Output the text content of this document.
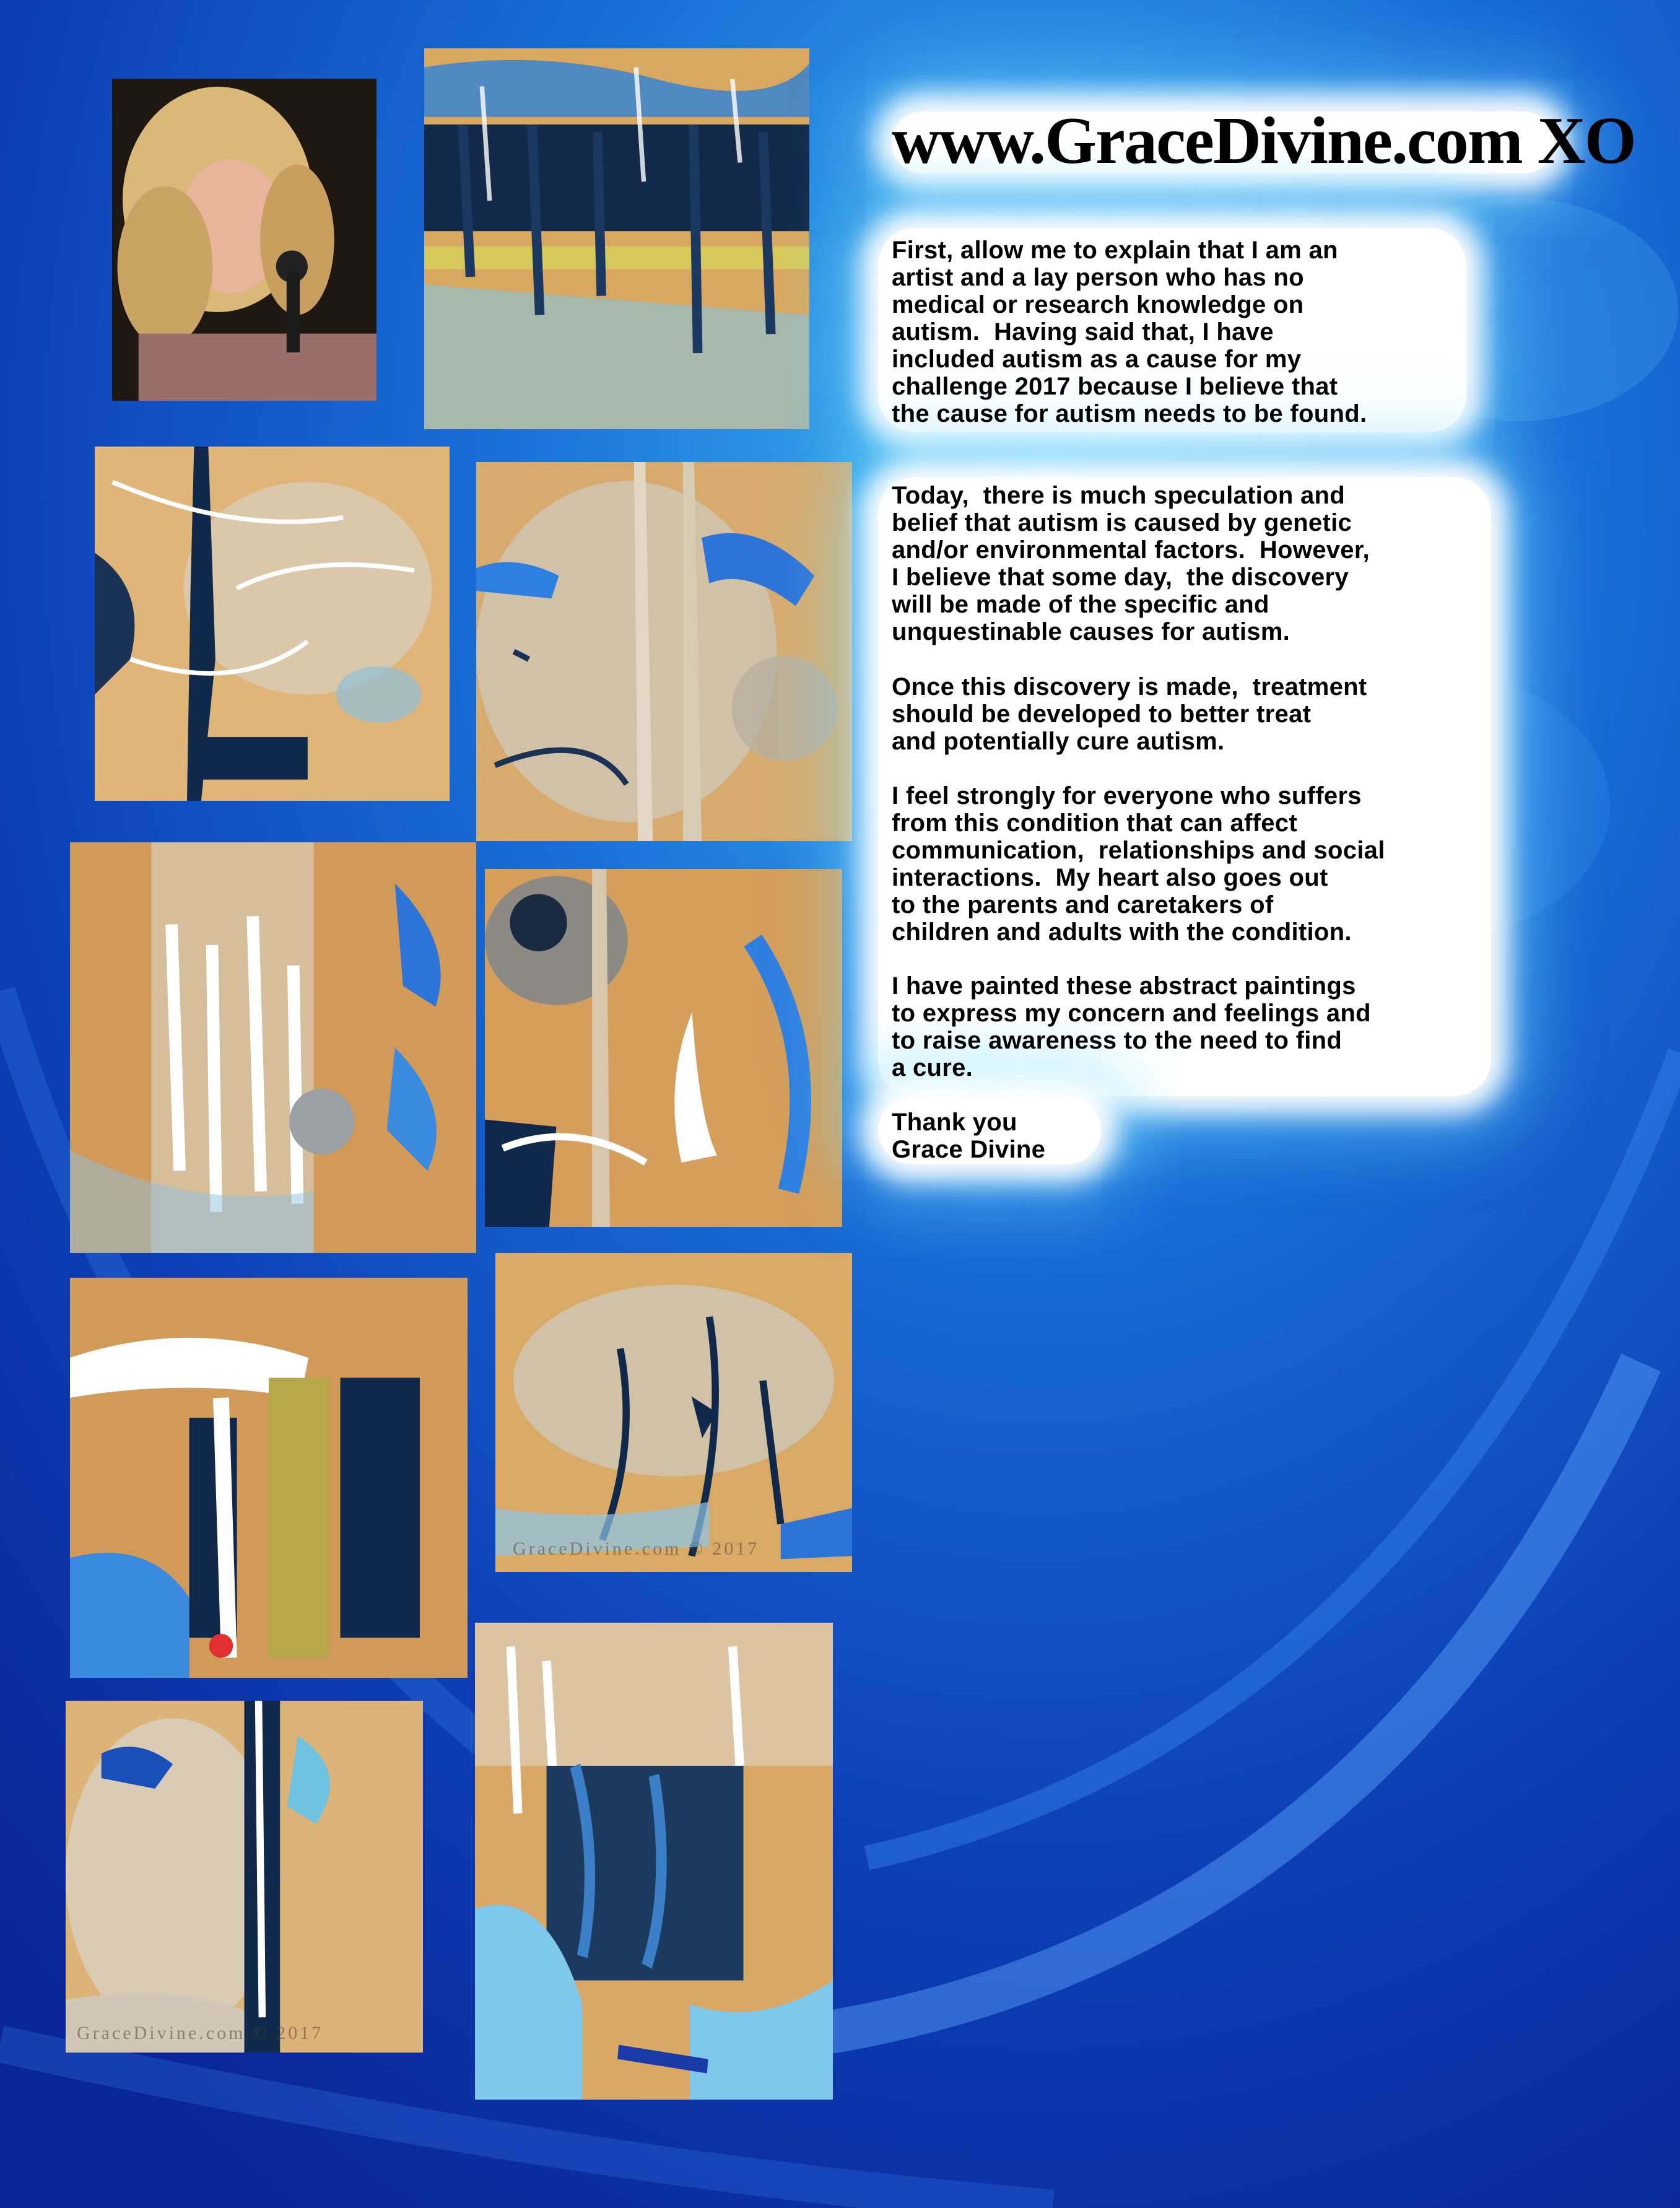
GraceDivine.com © 2017
GraceDivine.com © 2017
www.GraceDivine.com XO
First, allow me to explain that I am an
artist and a lay person who has no
medical or research knowledge on
autism.  Having said that, I have
included autism as a cause for my
challenge 2017 because I believe that
the cause for autism needs to be found.
Today,  there is much speculation and
belief that autism is caused by genetic
and/or environmental factors.  However,
I believe that some day,  the discovery
will be made of the specific and
unquestinable causes for autism.
Once this discovery is made,  treatment
should be developed to better treat
and potentially cure autism.
I feel strongly for everyone who suffers
from this condition that can affect
communication,  relationships and social
interactions.  My heart also goes out
to the parents and caretakers of
children and adults with the condition.
I have painted these abstract paintings
to express my concern and feelings and
to raise awareness to the need to find
a cure.
Thank you
Grace Divine
